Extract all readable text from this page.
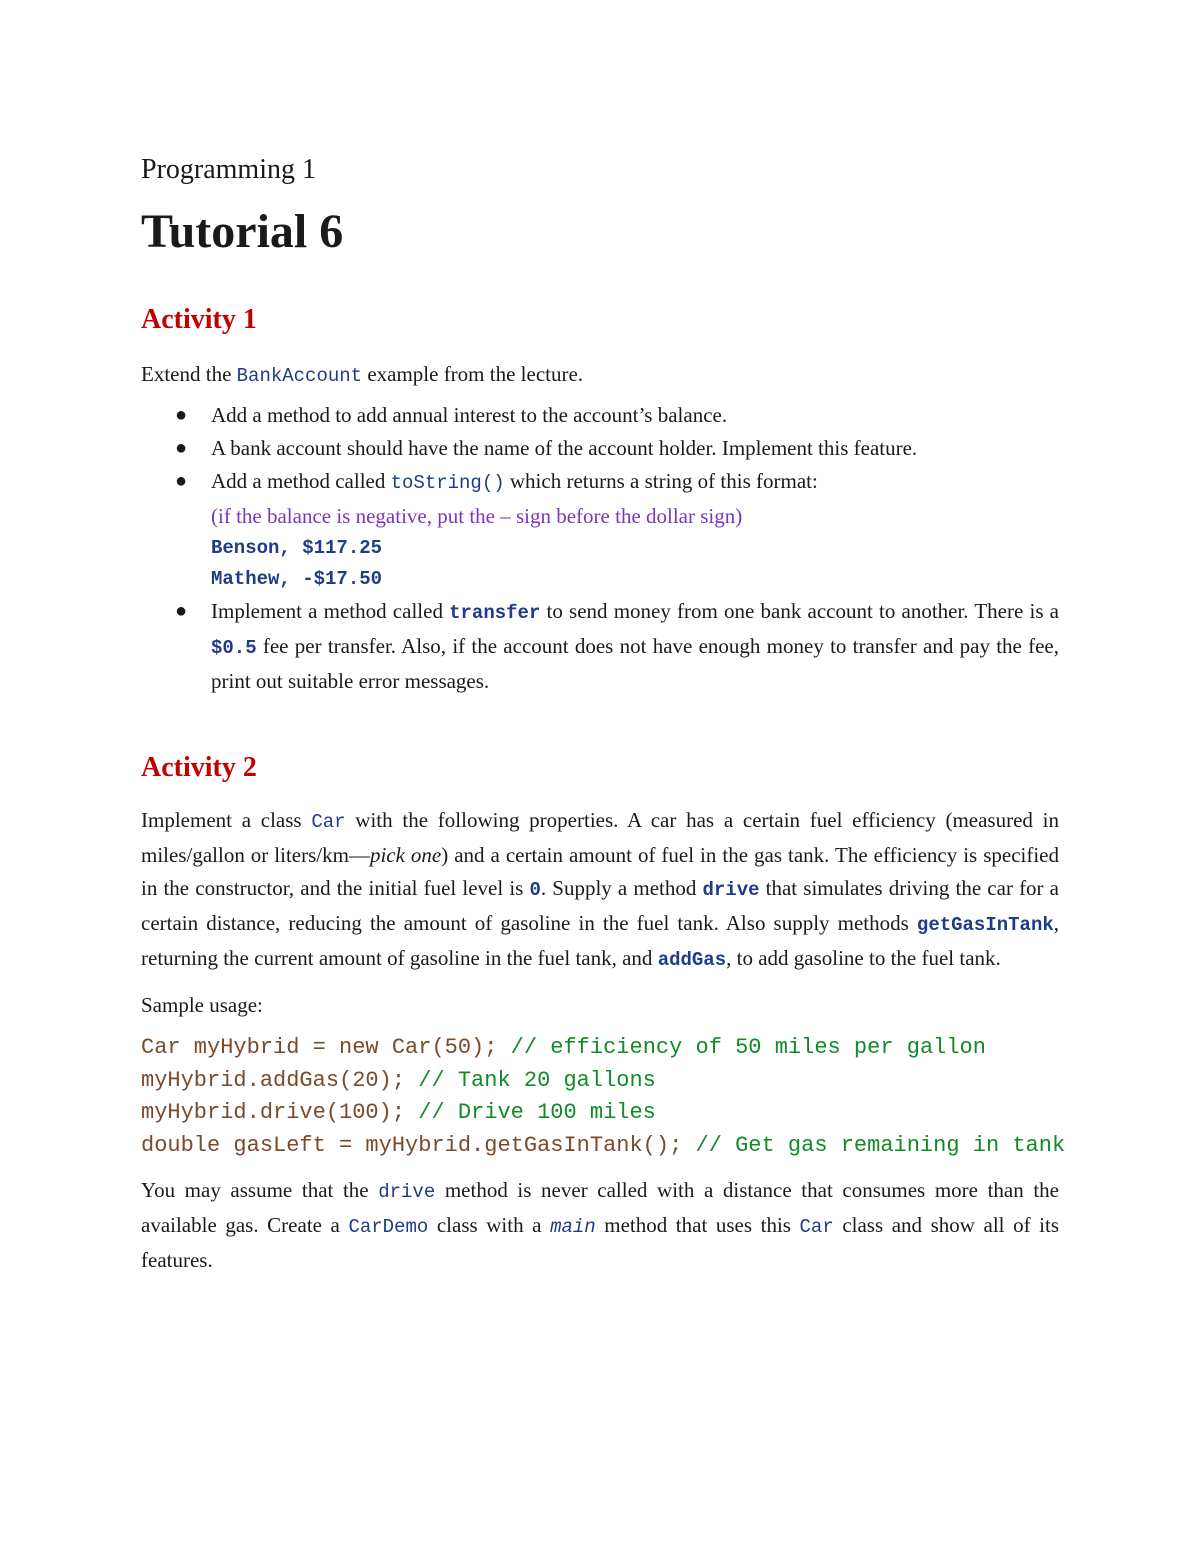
Programming 1
Tutorial 6
Activity 1

Extend the BankAccount example from the lecture.

● Add a method to add annual interest to the account’s balance.
● A bank account should have the name of the account holder. Implement this feature.
● Add a method called toString() which returns a string of this format:
(if the balance is negative, put the – sign before the dollar sign)
Benson, $117.25
Mathew, -$17.50
● Implement a method called transfer to send money from one bank account to another. There is a $0.5 fee per transfer. Also, if the account does not have enough money to transfer and pay the fee, print out suitable error messages.
Activity 2

Implement a class Car with the following properties. A car has a certain fuel efficiency (measured in miles/gallon or liters/km—pick one) and a certain amount of fuel in the gas tank. The efficiency is specified in the constructor, and the initial fuel level is 0. Supply a method drive that simulates driving the car for a certain distance, reducing the amount of gasoline in the fuel tank. Also supply methods getGasInTank, returning the current amount of gasoline in the fuel tank, and addGas, to add gasoline to the fuel tank.

Sample usage:

Car myHybrid = new Car(50); // efficiency of 50 miles per gallon
myHybrid.addGas(20); // Tank 20 gallons
myHybrid.drive(100); // Drive 100 miles
double gasLeft = myHybrid.getGasInTank(); // Get gas remaining in tank

You may assume that the drive method is never called with a distance that consumes more than the available gas. Create a CarDemo class with a main method that uses this Car class and show all of its features.
